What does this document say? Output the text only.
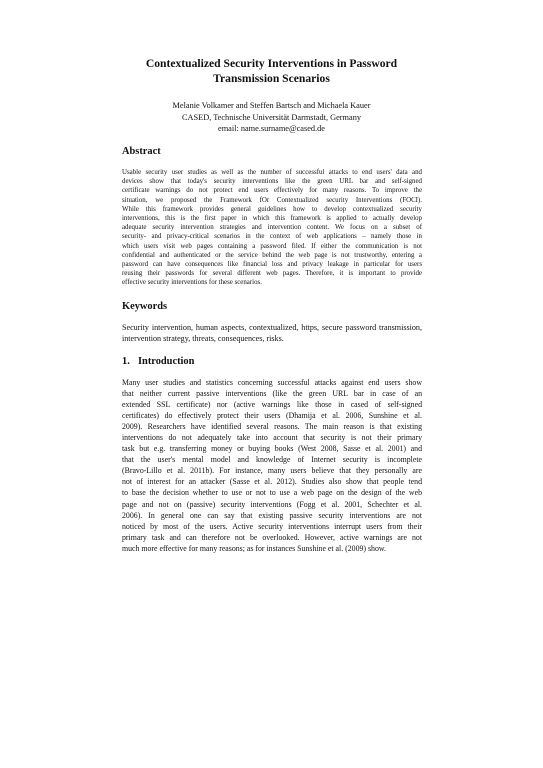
Contextualized Security Interventions in Password
Transmission Scenarios
Melanie Volkamer and Steffen Bartsch and Michaela Kauer
CASED, Technische Universität Darmstadt, Germany
email: name.surname@cased.de
Abstract
Usable security user studies as well as the number of successful attacks to end users' data and
devices show that today's security interventions like the green URL bar and self-signed
certificate warnings do not protect end users effectively for many reasons. To improve the
situation, we proposed the Framework fOr Contextualized security Interventions (FOCI).
While this framework provides general guidelines how to develop contextualized security
interventions, this is the first paper in which this framework is applied to actually develop
adequate security intervention strategies and intervention content. We focus on a subset of
security- and privacy-critical scenarios in the context of web applications – namely those in
which users visit web pages containing a password filed. If either the communication is not
confidential and authenticated or the service behind the web page is not trustworthy, entering a
password can have consequences like financial loss and privacy leakage in particular for users
reusing their passwords for several different web pages. Therefore, it is important to provide
effective security interventions for these scenarios.
Keywords
Security intervention, human aspects, contextualized, https, secure password transmission, intervention strategy, threats, consequences, risks.
1. Introduction
Many user studies and statistics concerning successful attacks against end users show
that neither current passive interventions (like the green URL bar in case of an
extended SSL certificate) nor (active warnings like those in cased of self-signed
certificates) do effectively protect their users (Dhamija et al. 2006, Sunshine et al.
2009). Researchers have identified several reasons. The main reason is that existing
interventions do not adequately take into account that security is not their primary
task but e.g. transferring money or buying books (West 2008, Sasse et al. 2001) and
that the user's mental model and knowledge of Internet security is incomplete
(Bravo-Lillo et al. 2011b). For instance, many users believe that they personally are
not of interest for an attacker (Sasse et al. 2012). Studies also show that people tend
to base the decision whether to use or not to use a web page on the design of the web
page and not on (passive) security interventions (Fogg et al. 2001, Schechter et al.
2006). In general one can say that existing passive security interventions are not
noticed by most of the users. Active security interventions interrupt users from their
primary task and can therefore not be overlooked. However, active warnings are not
much more effective for many reasons; as for instances Sunshine et al. (2009) show.
